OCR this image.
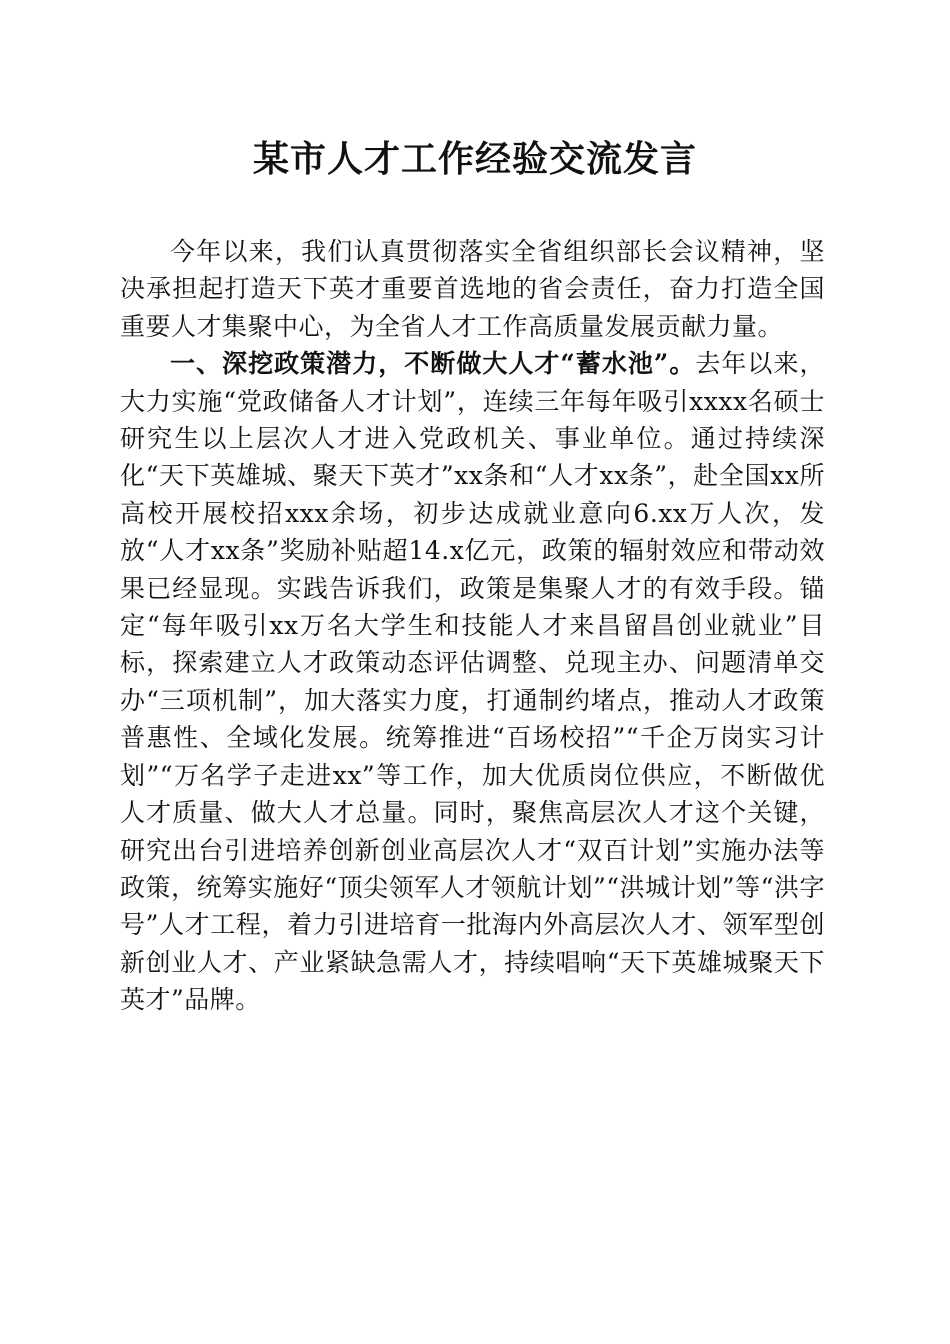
某市人才工作经验交流发言

今年以来，我们认真贯彻落实全省组织部长会议精神，坚决承担起打造天下英才重要首选地的省会责任，奋力打造全国重要人才集聚中心，为全省人才工作高质量发展贡献力量。

一、深挖政策潜力，不断做大人才“蓄水池”。去年以来，大力实施“党政储备人才计划”，连续三年每年吸引xxxx名硕士研究生以上层次人才进入党政机关、事业单位。通过持续深化“天下英雄城、聚天下英才”xx条和“人才xx条”，赴全国xx所高校开展校招xxx余场，初步达成就业意向6.xx万人次，发放“人才xx条”奖励补贴超14.x亿元，政策的辐射效应和带动效果已经显现。实践告诉我们，政策是集聚人才的有效手段。锚定“每年吸引xx万名大学生和技能人才来昌留昌创业就业”目标，探索建立人才政策动态评估调整、兑现主办、问题清单交办“三项机制”，加大落实力度，打通制约堵点，推动人才政策普惠性、全域化发展。统筹推进“百场校招”“千企万岗实习计划”“万名学子走进xx”等工作，加大优质岗位供应，不断做优人才质量、做大人才总量。同时，聚焦高层次人才这个关键，研究出台引进培养创新创业高层次人才“双百计划”实施办法等政策，统筹实施好“顶尖领军人才领航计划”“洪城计划”等“洪字号”人才工程，着力引进培育一批海内外高层次人才、领军型创新创业人才、产业紧缺急需人才，持续唱响“天下英雄城聚天下英才”品牌。
